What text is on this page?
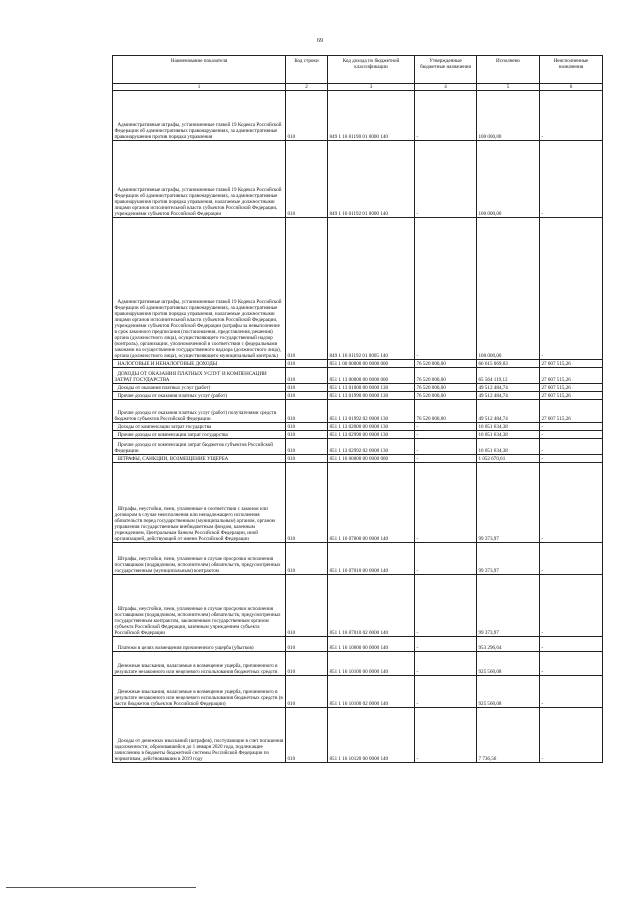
69
Наименование показателя	Код строки	Код дохода по бюджетной классификации	Утвержденные бюджетные назначения	Исполнено	Неисполненные назначения
1	2	3	4	5	6
Административные штрафы, установленные главой 19 Кодекса Российской Федерации об административных правонарушениях, за административные правонарушения против порядка управления	010	849 1 16 01190 01 0000 140	-	100 000,00	-
Административные штрафы, установленные главой 19 Кодекса Российской Федерации об административных правонарушениях, за административные правонарушения против порядка управления, налагаемые должностными лицами органов исполнительной власти субъектов Российской Федерации, учреждениями субъектов Российской Федерации	010	849 1 16 01192 01 0000 140	-	100 000,00	-
Административные штрафы, установленные главой 19 Кодекса Российской Федерации об административных правонарушениях, за административные правонарушения против порядка управления, налагаемые должностными лицами органов исполнительной власти субъектов Российской Федерации, учреждениями субъектов Российской Федерации (штрафы за невыполнение в срок законного предписания (постановления, представления, решения) органа (должностного лица), осуществляющего государственный надзор (контроль), организации, уполномоченной в соответствии с федеральными законами на осуществление государственного надзора (должностного лица), органа (должностного лица), осуществляющего муниципальный контроль)	010	849 1 16 01192 01 0005 140	-	100 000,00	-
НАЛОГОВЫЕ И НЕНАЛОГОВЫЕ ДОХОДЫ	010	851 1 00 00000 00 0000 000	76 520 000,00	66 615 069,03	27 007 515,26
ДОХОДЫ ОТ ОКАЗАНИЯ ПЛАТНЫХ УСЛУГ И КОМПЕНСАЦИИ ЗАТРАТ ГОСУДАРСТВА	010	851 1 13 00000 00 0000 000	76 520 000,00	65 564 119,12	27 007 515,26
Доходы от оказания платных услуг (работ)	010	851 1 13 01000 00 0000 130	76 520 000,00	49 512 484,74	27 007 515,26
Прочие доходы от оказания платных услуг (работ)	010	851 1 13 01990 00 0000 130	76 520 000,00	49 512 484,74	27 007 515,26
Прочие доходы от оказания платных услуг (работ) получателями средств бюджетов субъектов Российской Федерации	010	851 1 13 01992 02 0000 130	76 520 000,00	49 512 484,74	27 007 515,26
Доходы от компенсации затрат государства	010	851 1 13 02000 00 0000 130	-	16 051 634,38	-
Прочие доходы от компенсации затрат государства	010	851 1 13 02990 00 0000 130	-	16 051 634,38	-
Прочие доходы от компенсации затрат бюджетов субъектов Российской Федерации	010	851 1 13 02992 02 0000 130	-	16 051 634,38	-
ШТРАФЫ, САНКЦИИ, ВОЗМЕЩЕНИЕ УЩЕРБА	010	851 1 16 00000 00 0000 000	-	1 052 670,61	-
Штрафы, неустойки, пени, уплаченные в соответствии с законом или договором в случае неисполнения или ненадлежащего исполнения обязательств перед государственным (муниципальным) органом, органом управления государственным внебюджетным фондом, казенным учреждением, Центральным банком Российской Федерации, иной организацией, действующей от имени Российской Федерации	010	851 1 16 07000 00 0000 140	-	99 373,97	-
Штрафы, неустойки, пени, уплаченные в случае просрочки исполнения поставщиком (подрядчиком, исполнителем) обязательств, предусмотренных государственным (муниципальным) контрактом	010	851 1 16 07010 00 0000 140	-	99 373,97	-
Штрафы, неустойки, пени, уплаченные в случае просрочки исполнения поставщиком (подрядчиком, исполнителем) обязательств, предусмотренных государственным контрактом, заключенным государственным органом субъекта Российской Федерации, казенным учреждением субъекта Российской Федерации	010	851 1 16 07010 02 0000 140	-	99 373,97	-
Платежи в целях возмещения причиненного ущерба (убытков)	010	851 1 16 10000 00 0000 140	-	953 296,64	-
Денежные взыскания, налагаемые в возмещение ущерба, причиненного в результате незаконного или нецелевого использования бюджетных средств	010	851 1 16 10100 00 0000 140	-	925 560,08	-
Денежные взыскания, налагаемые в возмещение ущерба, причиненного в результате незаконного или нецелевого использования бюджетных средств (в части бюджетов субъектов Российской Федерации)	010	851 1 16 10100 02 0000 140	-	925 560,08	-
Доходы от денежных взысканий (штрафов), поступающие в счет погашения задолженности, образовавшейся до 1 января 2020 года, подлежащие зачислению в бюджеты бюджетной системы Российской Федерации по нормативам, действовавшим в 2019 году	010	851 1 16 10120 00 0000 140	-	7 736,56	-
